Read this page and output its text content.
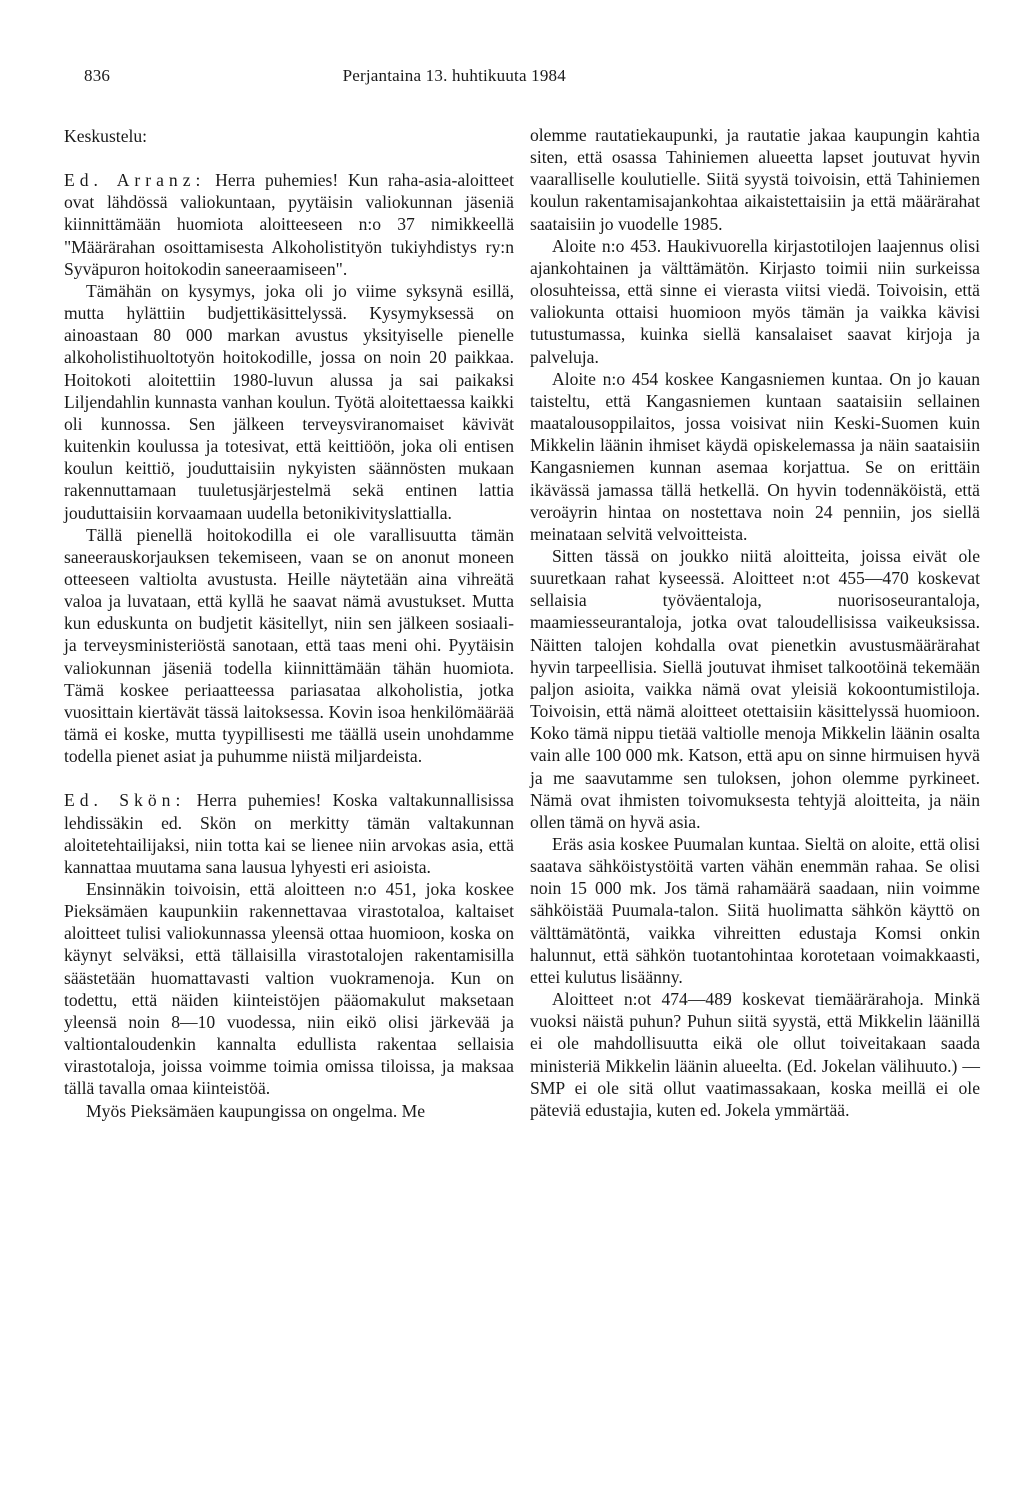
836	Perjantaina 13. huhtikuuta 1984

Keskustelu:

Ed. Arranz: Herra puhemies! Kun raha-asia-aloitteet ovat lähdössä valiokuntaan, pyytäisin valiokunnan jäseniä kiinnittämään huomiota aloitteeseen n:o 37 nimikkeellä "Määrärahan osoittamisesta Alkoholistityön tukiyhdistys ry:n Syväpuron hoitokodin saneeraamiseen".

Tämähän on kysymys, joka oli jo viime syksynä esillä, mutta hylättiin budjettikäsittelyssä. Kysymyksessä on ainoastaan 80 000 markan avustus yksityiselle pienelle alkoholistihuoltotyön hoitokodille, jossa on noin 20 paikkaa. Hoitokoti aloitettiin 1980-luvun alussa ja sai paikaksi Liljendahlin kunnasta vanhan koulun. Työtä aloitettaessa kaikki oli kunnossa. Sen jälkeen terveysviranomaiset kävivät kuitenkin koulussa ja totesivat, että keittiöön, joka oli entisen koulun keittiö, jouduttaisiin nykyisten säännösten mukaan rakennuttamaan tuuletusjärjestelmä sekä entinen lattia jouduttaisiin korvaamaan uudella betonikivityslattialla.

Tällä pienellä hoitokodilla ei ole varallisuutta tämän saneerauskorjauksen tekemiseen, vaan se on anonut moneen otteeseen valtiolta avustusta. Heille näytetään aina vihreätä valoa ja luvataan, että kyllä he saavat nämä avustukset. Mutta kun eduskunta on budjetit käsitellyt, niin sen jälkeen sosiaali- ja terveysministeriöstä sanotaan, että taas meni ohi. Pyytäisin valiokunnan jäseniä todella kiinnittämään tähän huomiota. Tämä koskee periaatteessa pariasataa alkoholistia, jotka vuosittain kiertävät tässä laitoksessa. Kovin isoa henkilömäärää tämä ei koske, mutta tyypillisesti me täällä usein unohdamme todella pienet asiat ja puhumme niistä miljardeista.

Ed. Skön: Herra puhemies! Koska valtakunnallisissa lehdissäkin ed. Skön on merkitty tämän valtakunnan aloitetehtailijaksi, niin totta kai se lienee niin arvokas asia, että kannattaa muutama sana lausua lyhyesti eri asioista.

Ensinnäkin toivoisin, että aloitteen n:o 451, joka koskee Pieksämäen kaupunkiin rakennettavaa virastotaloa, kaltaiset aloitteet tulisi valiokunnassa yleensä ottaa huomioon, koska on käynyt selväksi, että tällaisilla virastotalojen rakentamisilla säästetään huomattavasti valtion vuokramenoja. Kun on todettu, että näiden kiinteistöjen pääomakulut maksetaan yleensä noin 8—10 vuodessa, niin eikö olisi järkevää ja valtiontaloudenkin kannalta edullista rakentaa sellaisia virastotaloja, joissa voimme toimia omissa tiloissa, ja maksaa tällä tavalla omaa kiinteistöä.

Myös Pieksämäen kaupungissa on ongelma. Me

olemme rautatiekaupunki, ja rautatie jakaa kaupungin kahtia siten, että osassa Tahiniemen alueetta lapset joutuvat hyvin vaaralliselle koulutielle. Siitä syystä toivoisin, että Tahiniemen koulun rakentamisajankohtaa aikaistettaisiin ja että määrärahat saataisiin jo vuodelle 1985.

Aloite n:o 453. Haukivuorella kirjastotilojen laajennus olisi ajankohtainen ja välttämätön. Kirjasto toimii niin surkeissa olosuhteissa, että sinne ei vierasta viitsi viedä. Toivoisin, että valiokunta ottaisi huomioon myös tämän ja vaikka kävisi tutustumassa, kuinka siellä kansalaiset saavat kirjoja ja palveluja.

Aloite n:o 454 koskee Kangasniemen kuntaa. On jo kauan taisteltu, että Kangasniemen kuntaan saataisiin sellainen maatalousoppilaitos, jossa voisivat niin Keski-Suomen kuin Mikkelin läänin ihmiset käydä opiskelemassa ja näin saataisiin Kangasniemen kunnan asemaa korjattua. Se on erittäin ikävässä jamassa tällä hetkellä. On hyvin todennäköistä, että veroäyrin hintaa on nostettava noin 24 penniin, jos siellä meinataan selvitä velvoitteista.

Sitten tässä on joukko niitä aloitteita, joissa eivät ole suuretkaan rahat kyseessä. Aloitteet n:ot 455—470 koskevat sellaisia työväentaloja, nuorisoseurantaloja, maamiesseurantaloja, jotka ovat taloudellisissa vaikeuksissa. Näitten talojen kohdalla ovat pienetkin avustusmäärärahat hyvin tarpeellisia. Siellä joutuvat ihmiset talkootöinä tekemään paljon asioita, vaikka nämä ovat yleisiä kokoontumistiloja. Toivoisin, että nämä aloitteet otettaisiin käsittelyssä huomioon. Koko tämä nippu tietää valtiolle menoja Mikkelin läänin osalta vain alle 100 000 mk. Katson, että apu on sinne hirmuisen hyvä ja me saavutamme sen tuloksen, johon olemme pyrkineet. Nämä ovat ihmisten toivomuksesta tehtyjä aloitteita, ja näin ollen tämä on hyvä asia.

Eräs asia koskee Puumalan kuntaa. Sieltä on aloite, että olisi saatava sähköistystöitä varten vähän enemmän rahaa. Se olisi noin 15 000 mk. Jos tämä rahamäärä saadaan, niin voimme sähköistää Puumala-talon. Siitä huolimatta sähkön käyttö on välttämätöntä, vaikka vihreitten edustaja Komsi onkin halunnut, että sähkön tuotantohintaa korotetaan voimakkaasti, ettei kulutus lisäänny.

Aloitteet n:ot 474—489 koskevat tiemäärärahoja. Minkä vuoksi näistä puhun? Puhun siitä syystä, että Mikkelin läänillä ei ole mahdollisuutta eikä ole ollut toiveitakaan saada ministeriä Mikkelin läänin alueelta. (Ed. Jokelan välihuuto.) — SMP ei ole sitä ollut vaatimassakaan, koska meillä ei ole päteviä edustajia, kuten ed. Jokela ymmärtää.
